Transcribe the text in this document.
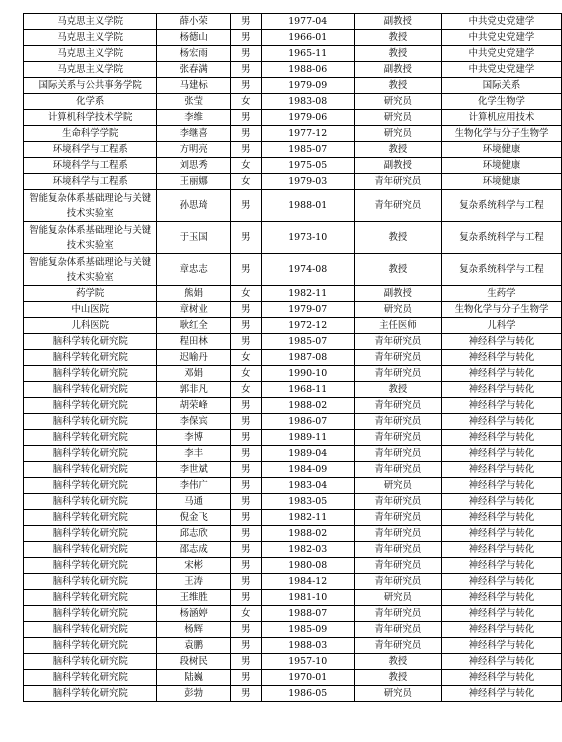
马克思主义学院	薛小荣	男	1977-04	副教授	中共党史党建学
马克思主义学院	杨德山	男	1966-01	教授	中共党史党建学
马克思主义学院	杨宏雨	男	1965-11	教授	中共党史党建学
马克思主义学院	张春满	男	1988-06	副教授	中共党史党建学
国际关系与公共事务学院	马建标	男	1979-09	教授	国际关系
化学系	张莹	女	1983-08	研究员	化学生物学
计算机科学技术学院	李维	男	1979-06	研究员	计算机应用技术
生命科学学院	李继喜	男	1977-12	研究员	生物化学与分子生物学
环境科学与工程系	方明亮	男	1985-07	教授	环境健康
环境科学与工程系	刘思秀	女	1975-05	副教授	环境健康
环境科学与工程系	王丽娜	女	1979-03	青年研究员	环境健康
智能复杂体系基础理论与关键技术实验室	孙思琦	男	1988-01	青年研究员	复杂系统科学与工程
智能复杂体系基础理论与关键技术实验室	于玉国	男	1973-10	教授	复杂系统科学与工程
智能复杂体系基础理论与关键技术实验室	章忠志	男	1974-08	教授	复杂系统科学与工程
药学院	熊娟	女	1982-11	副教授	生药学
中山医院	章树业	男	1979-07	研究员	生物化学与分子生物学
儿科医院	耿红全	男	1972-12	主任医师	儿科学
脑科学转化研究院	程田林	男	1985-07	青年研究员	神经科学与转化
脑科学转化研究院	迟喻丹	女	1987-08	青年研究员	神经科学与转化
脑科学转化研究院	邓娟	女	1990-10	青年研究员	神经科学与转化
脑科学转化研究院	郭非凡	女	1968-11	教授	神经科学与转化
脑科学转化研究院	胡荣峰	男	1988-02	青年研究员	神经科学与转化
脑科学转化研究院	李保宾	男	1986-07	青年研究员	神经科学与转化
脑科学转化研究院	李博	男	1989-11	青年研究员	神经科学与转化
脑科学转化研究院	李丰	男	1989-04	青年研究员	神经科学与转化
脑科学转化研究院	李世斌	男	1984-09	青年研究员	神经科学与转化
脑科学转化研究院	李伟广	男	1983-04	研究员	神经科学与转化
脑科学转化研究院	马通	男	1983-05	青年研究员	神经科学与转化
脑科学转化研究院	倪金飞	男	1982-11	青年研究员	神经科学与转化
脑科学转化研究院	邱志欣	男	1988-02	青年研究员	神经科学与转化
脑科学转化研究院	邵志成	男	1982-03	青年研究员	神经科学与转化
脑科学转化研究院	宋彬	男	1980-08	青年研究员	神经科学与转化
脑科学转化研究院	王涛	男	1984-12	青年研究员	神经科学与转化
脑科学转化研究院	王维胜	男	1981-10	研究员	神经科学与转化
脑科学转化研究院	杨涵婷	女	1988-07	青年研究员	神经科学与转化
脑科学转化研究院	杨辉	男	1985-09	青年研究员	神经科学与转化
脑科学转化研究院	袁鹏	男	1988-03	青年研究员	神经科学与转化
脑科学转化研究院	段树民	男	1957-10	教授	神经科学与转化
脑科学转化研究院	陆巍	男	1970-01	教授	神经科学与转化
脑科学转化研究院	彭勃	男	1986-05	研究员	神经科学与转化
